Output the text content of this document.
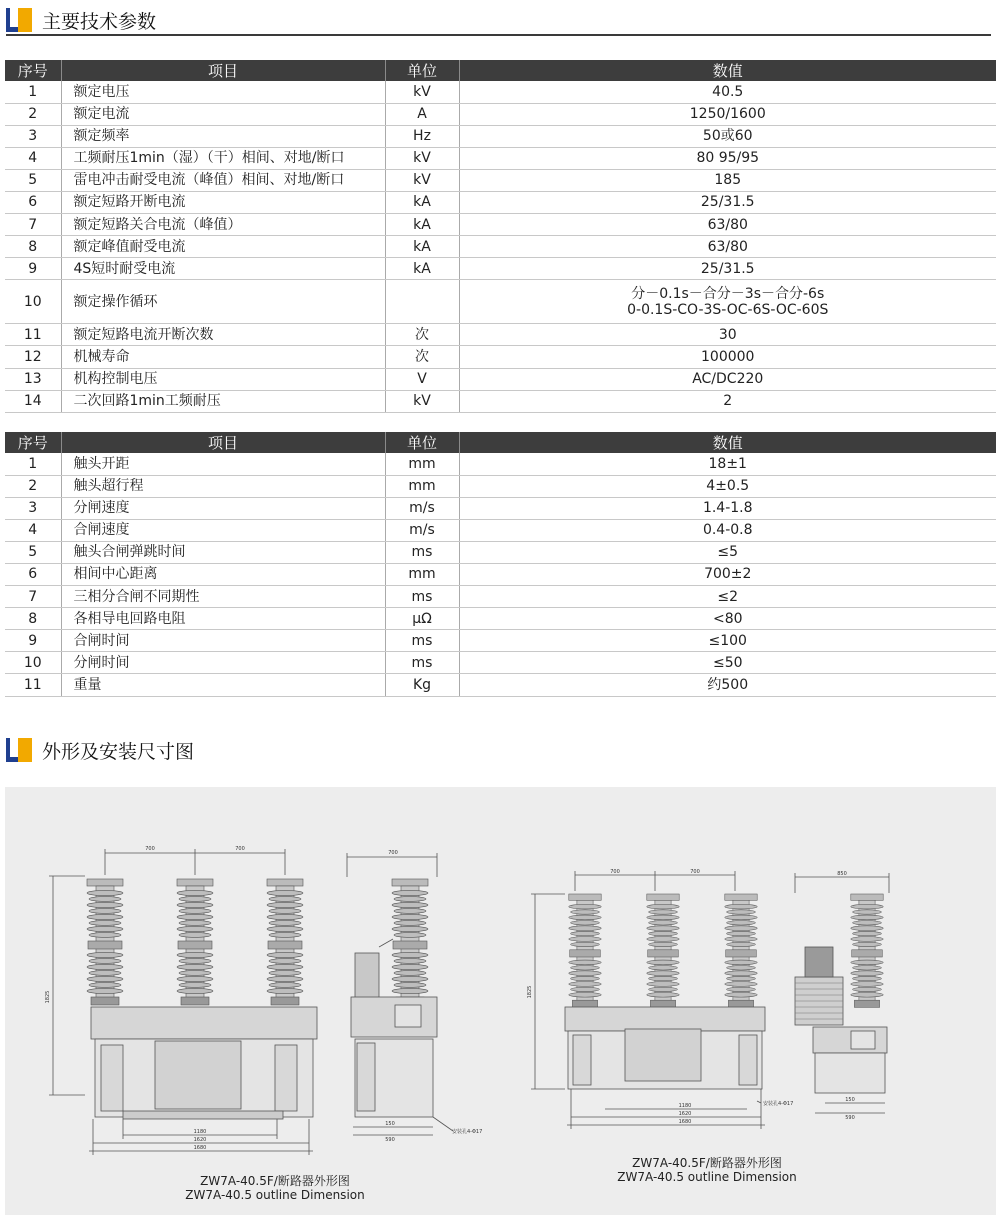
主要技术参数
序号	项目	单位	数值
1	额定电压	kV	40.5
2	额定电流	A	1250/1600
3	额定频率	Hz	50或60
4	工频耐压1min（湿）（干）相间、对地/断口	kV	80 95/95
5	雷电冲击耐受电流（峰值）相间、对地/断口	kV	185
6	额定短路开断电流	kA	25/31.5
7	额定短路关合电流（峰值）	kA	63/80
8	额定峰值耐受电流	kA	63/80
9	4S短时耐受电流	kA	25/31.5
10	额定操作循环		分－0.1s－合分－3s－合分-6s
0-0.1S-CO-3S-OC-6S-OC-60S

11	额定短路电流开断次数	次	30
12	机械寿命	次	100000
13	机构控制电压	V	AC/DC220
14	二次回路1min工频耐压	kV	2
序号	项目	单位	数值
1	触头开距	mm	18±1
2	触头超行程	mm	4±0.5
3	分闸速度	m/s	1.4-1.8
4	合闸速度	m/s	0.4-0.8
5	触头合闸弹跳时间	ms	≤5
6	相间中心距离	mm	700±2
7	三相分合闸不同期性	ms	≤2
8	各相导电回路电阻	μΩ	<80
9	合闸时间	ms	≤100
10	分闸时间	ms	≤50
11	重量	Kg	约500
外形及安装尺寸图
700	700
1825
1180
1620
1680
700
150
590
安装孔4-Φ17
700	700
1825
1180
1620
1680
安装孔4-Φ17
850
150
590
ZW7A-40.5F/断路器外形图
ZW7A-40.5 outline Dimension
ZW7A-40.5F/断路器外形图
ZW7A-40.5 outline Dimension
